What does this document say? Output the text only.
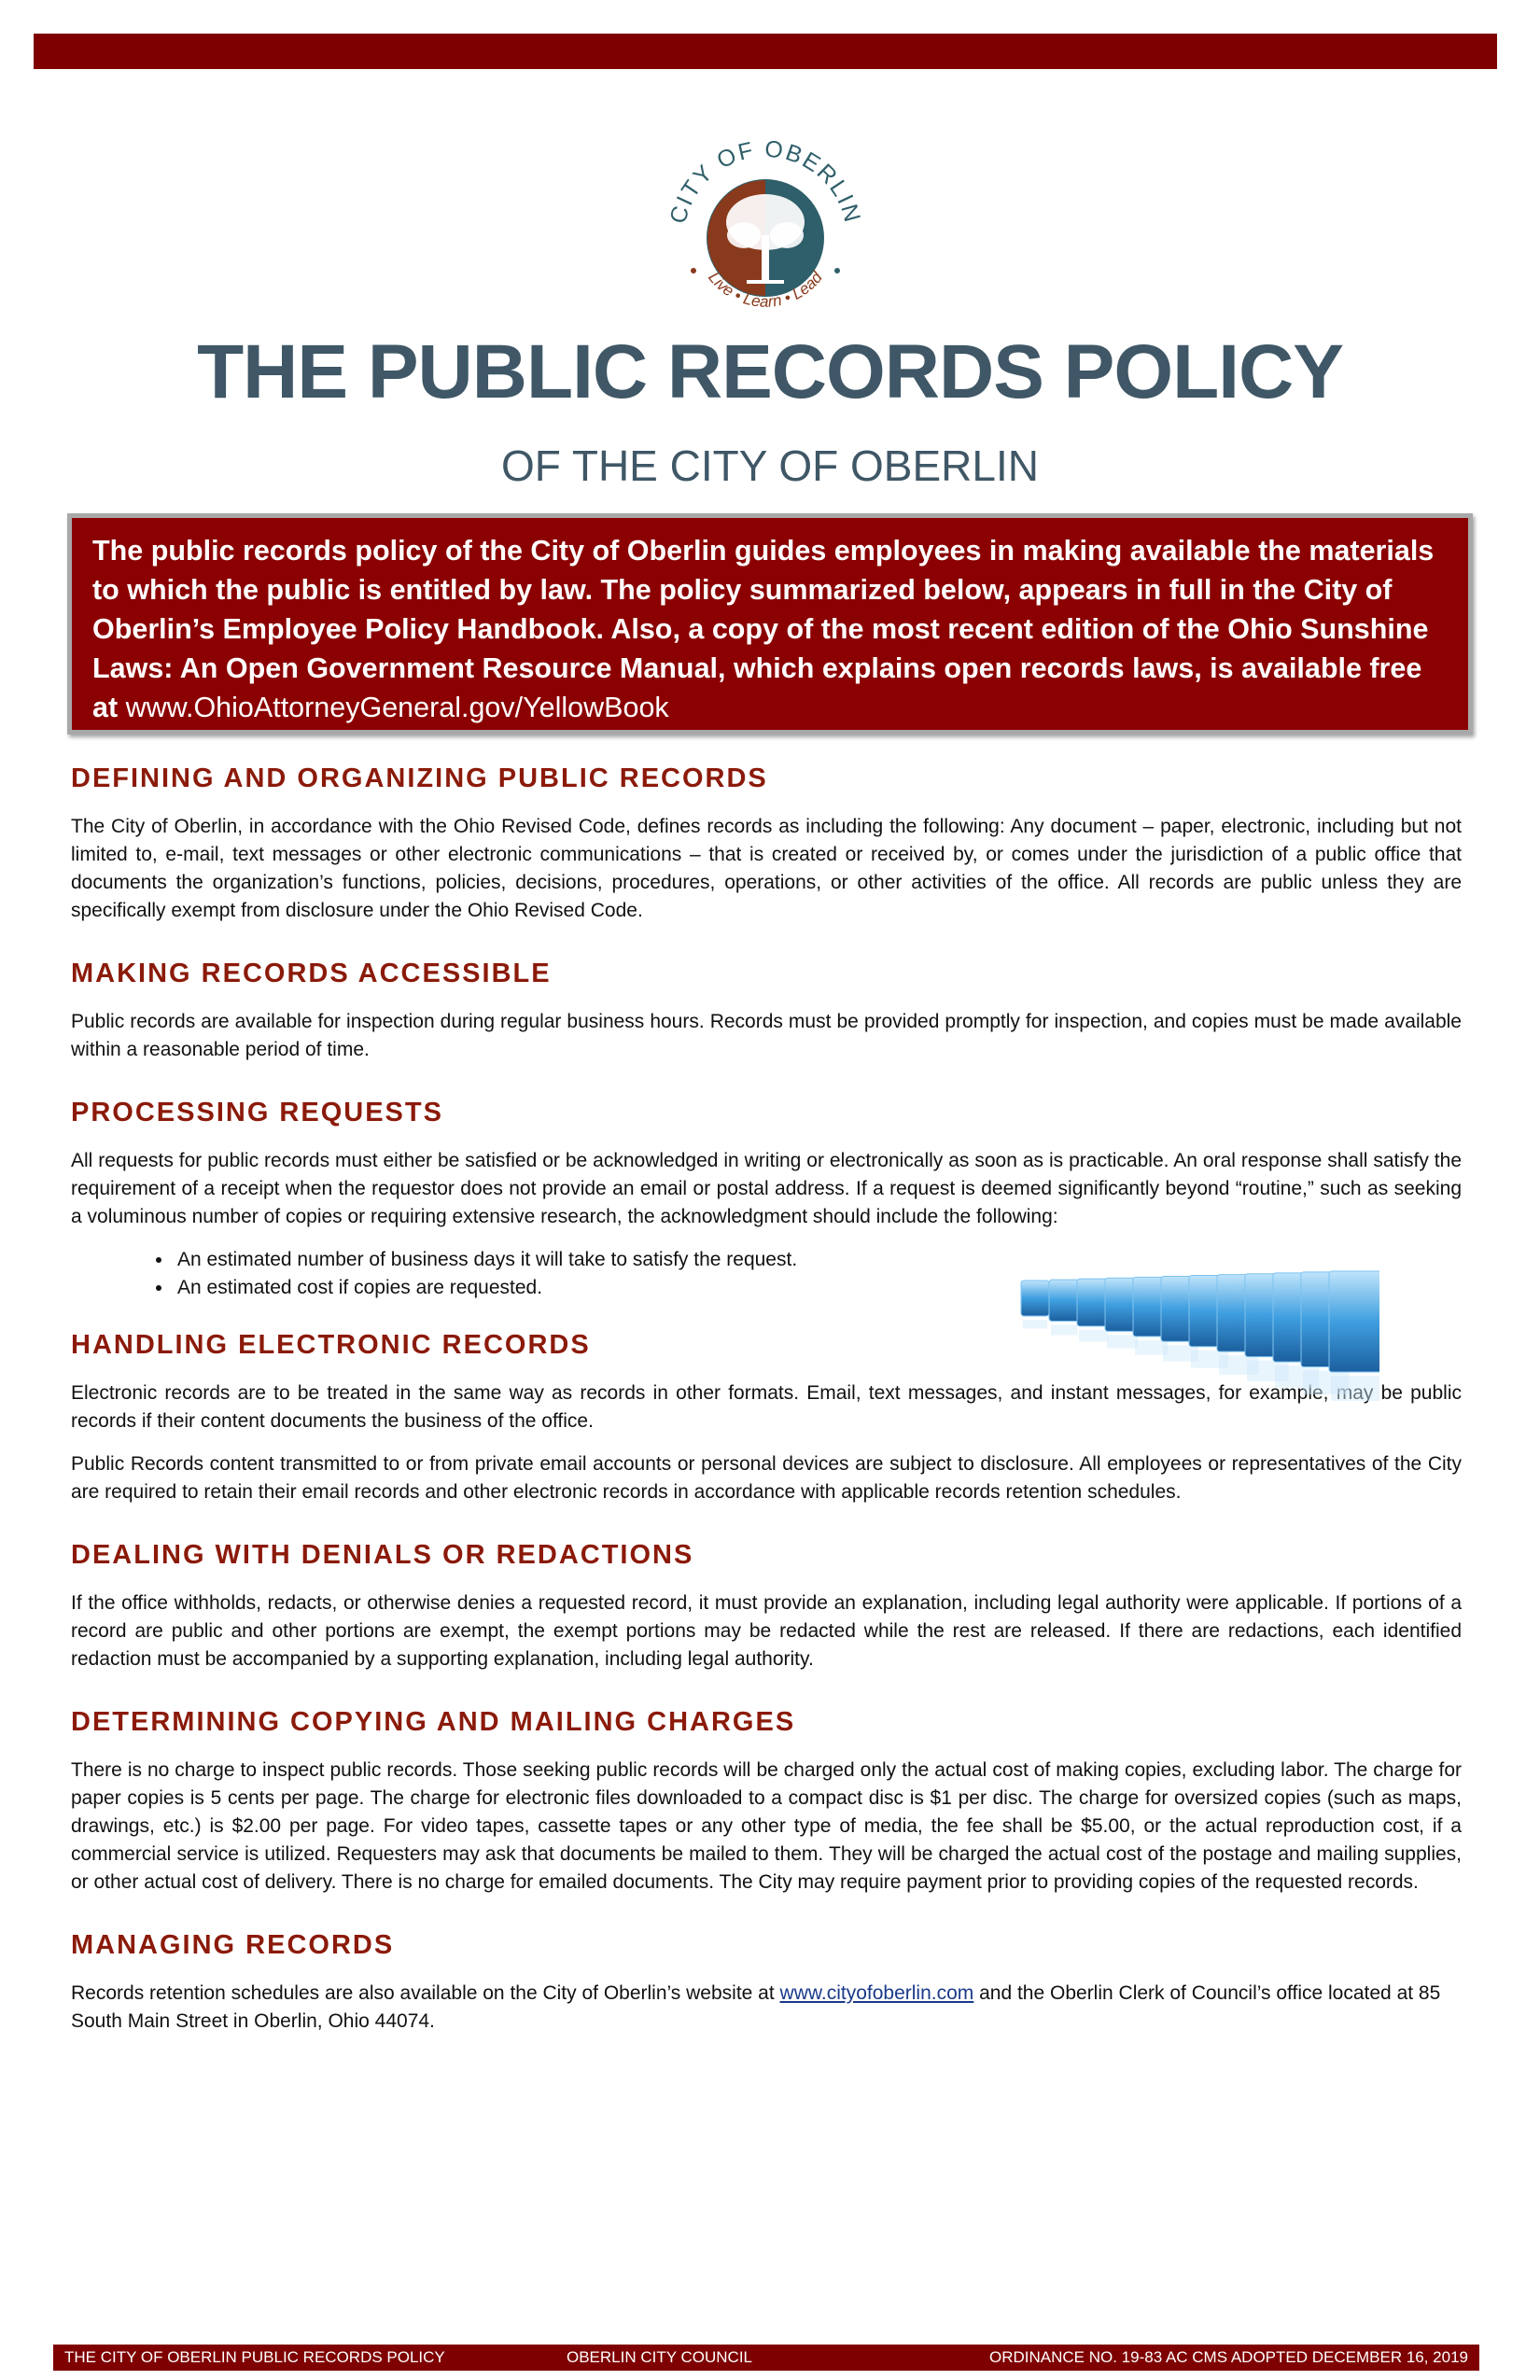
CITY OF OBERLIN
Live • Learn • Lead
THE PUBLIC RECORDS POLICY
OF THE CITY OF OBERLIN
The public records policy of the City of Oberlin guides employees in making available the materials to which the public is entitled by law. The policy summarized below, appears in full in the City of Oberlin’s Employee Policy Handbook. Also, a copy of the most recent edition of the Ohio Sunshine Laws: An Open Government Resource Manual, which explains open records laws, is available free at www.OhioAttorneyGeneral.gov/YellowBook
DEFINING AND ORGANIZING PUBLIC RECORDS

The City of Oberlin, in accordance with the Ohio Revised Code, defines records as including the following: Any document – paper, electronic, including but not limited to, e-mail, text messages or other electronic communications – that is created or received by, or comes under the jurisdiction of a public office that documents the organization’s functions, policies, decisions, procedures, operations, or other activities of the office. All records are public unless they are specifically exempt from disclosure under the Ohio Revised Code.

MAKING RECORDS ACCESSIBLE

Public records are available for inspection during regular business hours. Records must be provided promptly for inspection, and copies must be made available within a reasonable period of time.

PROCESSING REQUESTS

All requests for public records must either be satisfied or be acknowledged in writing or electronically as soon as is practicable. An oral response shall satisfy the requirement of a receipt when the requestor does not provide an email or postal address. If a request is deemed significantly beyond “routine,” such as seeking a voluminous number of copies or requiring extensive research, the acknowledgment should include the following:

• An estimated number of business days it will take to satisfy the request.
• An estimated cost if copies are requested.
HANDLING ELECTRONIC RECORDS

Electronic records are to be treated in the same way as records in other formats. Email, text messages, and instant messages, for example, may be public records if their content documents the business of the office.

Public Records content transmitted to or from private email accounts or personal devices are subject to disclosure. All employees or representatives of the City are required to retain their email records and other electronic records in accordance with applicable records retention schedules.

DEALING WITH DENIALS OR REDACTIONS

If the office withholds, redacts, or otherwise denies a requested record, it must provide an explanation, including legal authority were applicable. If portions of a record are public and other portions are exempt, the exempt portions may be redacted while the rest are released. If there are redactions, each identified redaction must be accompanied by a supporting explanation, including legal authority.

DETERMINING COPYING AND MAILING CHARGES

There is no charge to inspect public records. Those seeking public records will be charged only the actual cost of making copies, excluding labor. The charge for paper copies is 5 cents per page. The charge for electronic files downloaded to a compact disc is $1 per disc. The charge for oversized copies (such as maps, drawings, etc.) is $2.00 per page. For video tapes, cassette tapes or any other type of media, the fee shall be $5.00, or the actual reproduction cost, if a commercial service is utilized. Requesters may ask that documents be mailed to them. They will be charged the actual cost of the postage and mailing supplies, or other actual cost of delivery. There is no charge for emailed documents. The City may require payment prior to providing copies of the requested records.

MANAGING RECORDS

Records retention schedules are also available on the City of Oberlin’s website at www.cityofoberlin.com and the Oberlin Clerk of Council’s office located at 85 South Main Street in Oberlin, Ohio 44074.

THE CITY OF OBERLIN PUBLIC RECORDS POLICY	OBERLIN CITY COUNCIL	ORDINANCE NO. 19-83 AC CMS ADOPTED DECEMBER 16, 2019
